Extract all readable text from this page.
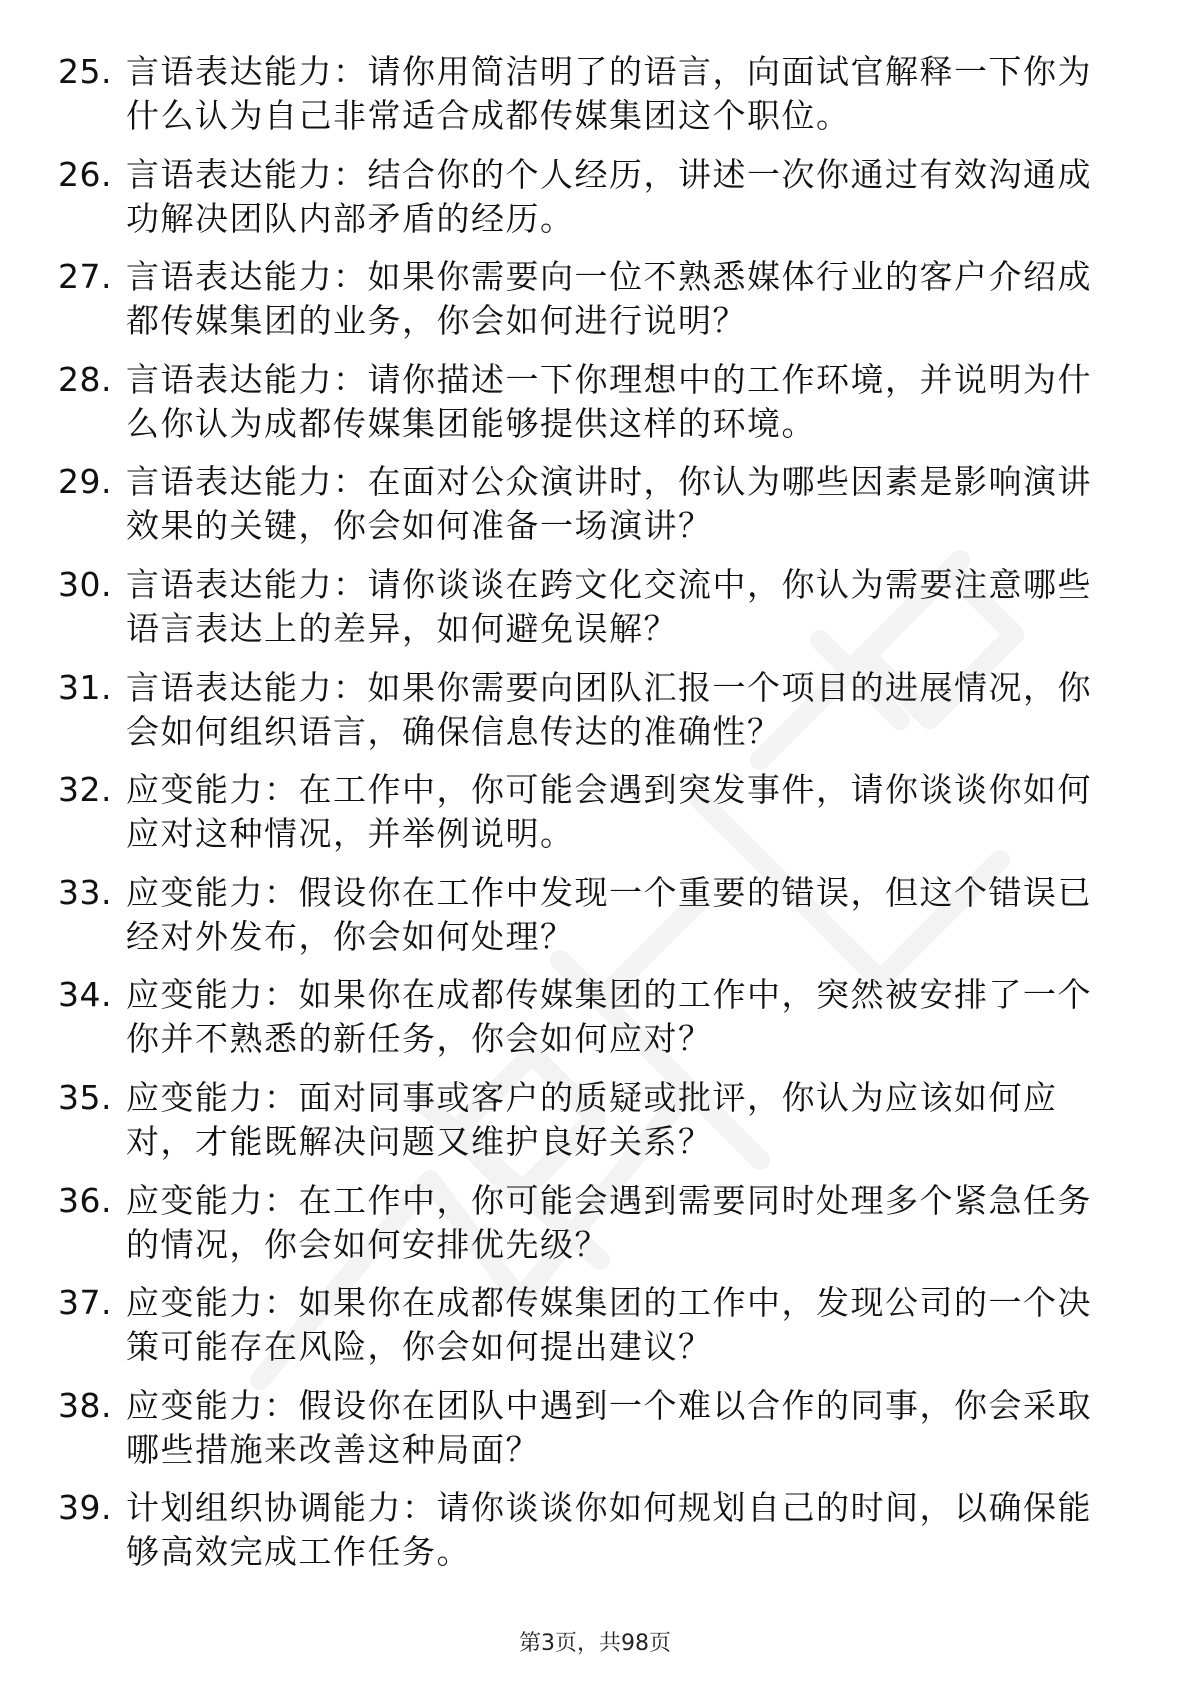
25. 言语表达能力：请你用简洁明了的语言，向面试官解释一下你为什么认为自己非常适合成都传媒集团这个职位。
26. 言语表达能力：结合你的个人经历，讲述一次你通过有效沟通成功解决团队内部矛盾的经历。
27. 言语表达能力：如果你需要向一位不熟悉媒体行业的客户介绍成都传媒集团的业务，你会如何进行说明？
28. 言语表达能力：请你描述一下你理想中的工作环境，并说明为什么你认为成都传媒集团能够提供这样的环境。
29. 言语表达能力：在面对公众演讲时，你认为哪些因素是影响演讲效果的关键，你会如何准备一场演讲？
30. 言语表达能力：请你谈谈在跨文化交流中，你认为需要注意哪些语言表达上的差异，如何避免误解？
31. 言语表达能力：如果你需要向团队汇报一个项目的进展情况，你会如何组织语言，确保信息传达的准确性？
32. 应变能力：在工作中，你可能会遇到突发事件，请你谈谈你如何应对这种情况，并举例说明。
33. 应变能力：假设你在工作中发现一个重要的错误，但这个错误已经对外发布，你会如何处理？
34. 应变能力：如果你在成都传媒集团的工作中，突然被安排了一个你并不熟悉的新任务，你会如何应对？
35. 应变能力：面对同事或客户的质疑或批评，你认为应该如何应对，才能既解决问题又维护良好关系？
36. 应变能力：在工作中，你可能会遇到需要同时处理多个紧急任务的情况，你会如何安排优先级？
37. 应变能力：如果你在成都传媒集团的工作中，发现公司的一个决策可能存在风险，你会如何提出建议？
38. 应变能力：假设你在团队中遇到一个难以合作的同事，你会采取哪些措施来改善这种局面？
39. 计划组织协调能力：请你谈谈你如何规划自己的时间，以确保能够高效完成工作任务。
第3页，共98页
